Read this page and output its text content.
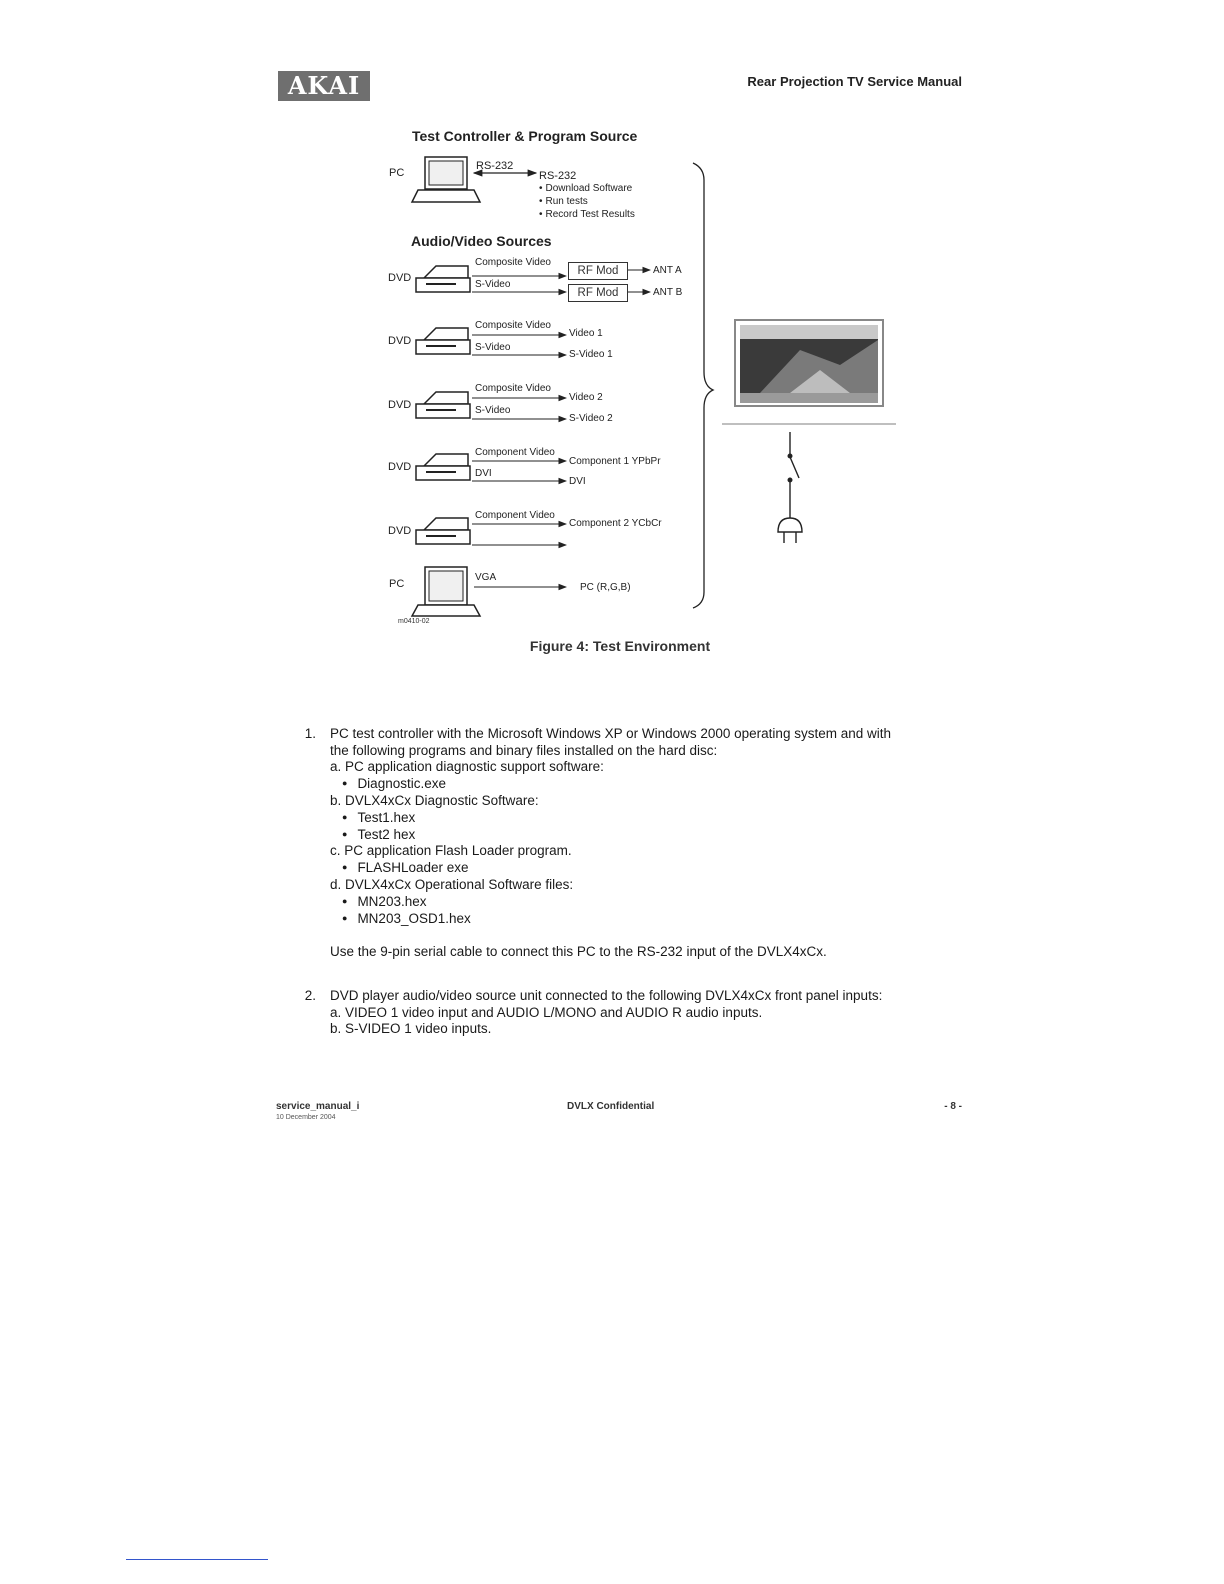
AKAI	Rear Projection TV Service Manual
Test Controller & Program Source
PC
RS-232
RS-232
• Download Software
• Run tests
• Record Test Results
Audio/Video Sources
DVD
Composite Video
S-Video
RF Mod
RF Mod
ANT A
ANT B
DVD
Composite Video
S-Video
Video 1
S-Video 1
DVD
Composite Video
S-Video
Video 2
S-Video 2
DVD
Component Video
DVI
Component 1 YPbPr
DVI
DVD
Component Video
Component 2 YCbCr
PC
VGA
PC (R,G,B)
m0410-02
Figure 4: Test Environment
1. PC test controller with the Microsoft Windows XP or Windows 2000 operating system and with
the following programs and binary files installed on the hard disc:
a. PC application diagnostic support software:
● Diagnostic.exe
b. DVLX4xCx Diagnostic Software:
● Test1.hex
● Test2 hex
c. PC application Flash Loader program.
● FLASHLoader exe
d. DVLX4xCx Operational Software files:
● MN203.hex
● MN203_OSD1.hex
Use the 9-pin serial cable to connect this PC to the RS-232 input of the DVLX4xCx.
2. DVD player audio/video source unit connected to the following DVLX4xCx front panel inputs:
a. VIDEO 1 video input and AUDIO L/MONO and AUDIO R audio inputs.
b. S-VIDEO 1 video inputs.
service_manual_i
10 December 2004
DVLX Confidential	- 8 -
